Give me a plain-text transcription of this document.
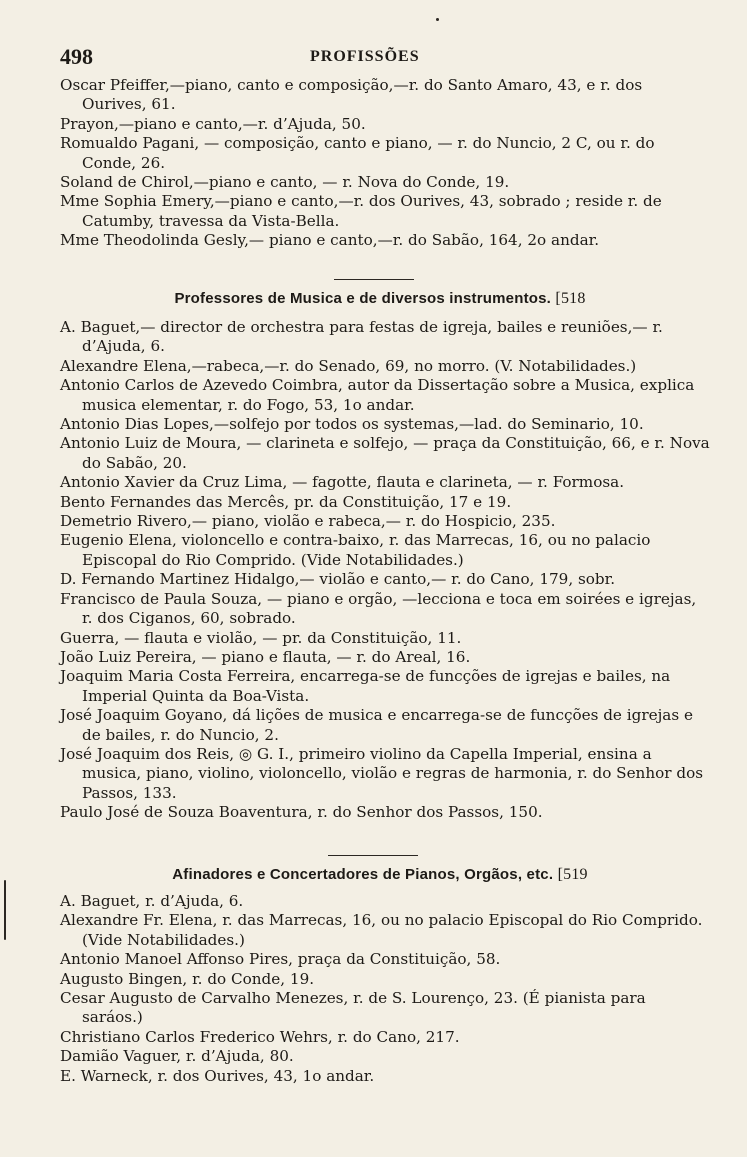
498	PROFISSÕES

Oscar Pfeiffer,—piano, canto e composição,—r. do Santo Amaro, 43, e r. dos Ourives, 61.

Prayon,—piano e canto,—r. d’Ajuda, 50.

Romualdo Pagani, — composição, canto e piano, — r. do Nuncio, 2 C, ou r. do Conde, 26.

Soland de Chirol,—piano e canto, — r. Nova do Conde, 19.

Mme Sophia Emery,—piano e canto,—r. dos Ourives, 43, sobrado ; reside r. de Catumby, travessa da Vista-Bella.

Mme Theodolinda Gesly,— piano e canto,—r. do Sabão, 164, 2o andar.

Professores de Musica e de diversos instrumentos. [518

A. Baguet,— director de orchestra para festas de igreja, bailes e reuniões,— r. d’Ajuda, 6.

Alexandre Elena,—rabeca,—r. do Senado, 69, no morro. (V. Notabilidades.)

Antonio Carlos de Azevedo Coimbra, autor da Dissertação sobre a Musica, explica musica elementar, r. do Fogo, 53, 1o andar.

Antonio Dias Lopes,—solfejo por todos os systemas,—lad. do Seminario, 10.

Antonio Luiz de Moura, — clarineta e solfejo, — praça da Constituição, 66, e r. Nova do Sabão, 20.

Antonio Xavier da Cruz Lima, — fagotte, flauta e clarineta, — r. Formosa.

Bento Fernandes das Mercês, pr. da Constituição, 17 e 19.

Demetrio Rivero,— piano, violão e rabeca,— r. do Hospicio, 235.

Eugenio Elena, violoncello e contra-baixo, r. das Marrecas, 16, ou no palacio Episcopal do Rio Comprido. (Vide Notabilidades.)

D. Fernando Martinez Hidalgo,— violão e canto,— r. do Cano, 179, sobr.

Francisco de Paula Souza, — piano e orgão, —lecciona e toca em soirées e igrejas, r. dos Ciganos, 60, sobrado.

Guerra, — flauta e violão, — pr. da Constituição, 11.

João Luiz Pereira, — piano e flauta, — r. do Areal, 16.

Joaquim Maria Costa Ferreira, encarrega-se de funcções de igrejas e bailes, na Imperial Quinta da Boa-Vista.

José Joaquim Goyano, dá lições de musica e encarrega-se de funcções de igrejas e de bailes, r. do Nuncio, 2.

José Joaquim dos Reis, ◎ G. I., primeiro violino da Capella Imperial, ensina a musica, piano, violino, violoncello, violão e regras de harmonia, r. do Senhor dos Passos, 133.

Paulo José de Souza Boaventura, r. do Senhor dos Passos, 150.

Afinadores e Concertadores de Pianos, Orgãos, etc. [519

A. Baguet, r. d’Ajuda, 6.

Alexandre Fr. Elena, r. das Marrecas, 16, ou no palacio Episcopal do Rio Comprido. (Vide Notabilidades.)

Antonio Manoel Affonso Pires, praça da Constituição, 58.

Augusto Bingen, r. do Conde, 19.

Cesar Augusto de Carvalho Menezes, r. de S. Lourenço, 23. (É pianista para saráos.)

Christiano Carlos Frederico Wehrs, r. do Cano, 217.

Damião Vaguer, r. d’Ajuda, 80.

E. Warneck, r. dos Ourives, 43, 1o andar.
